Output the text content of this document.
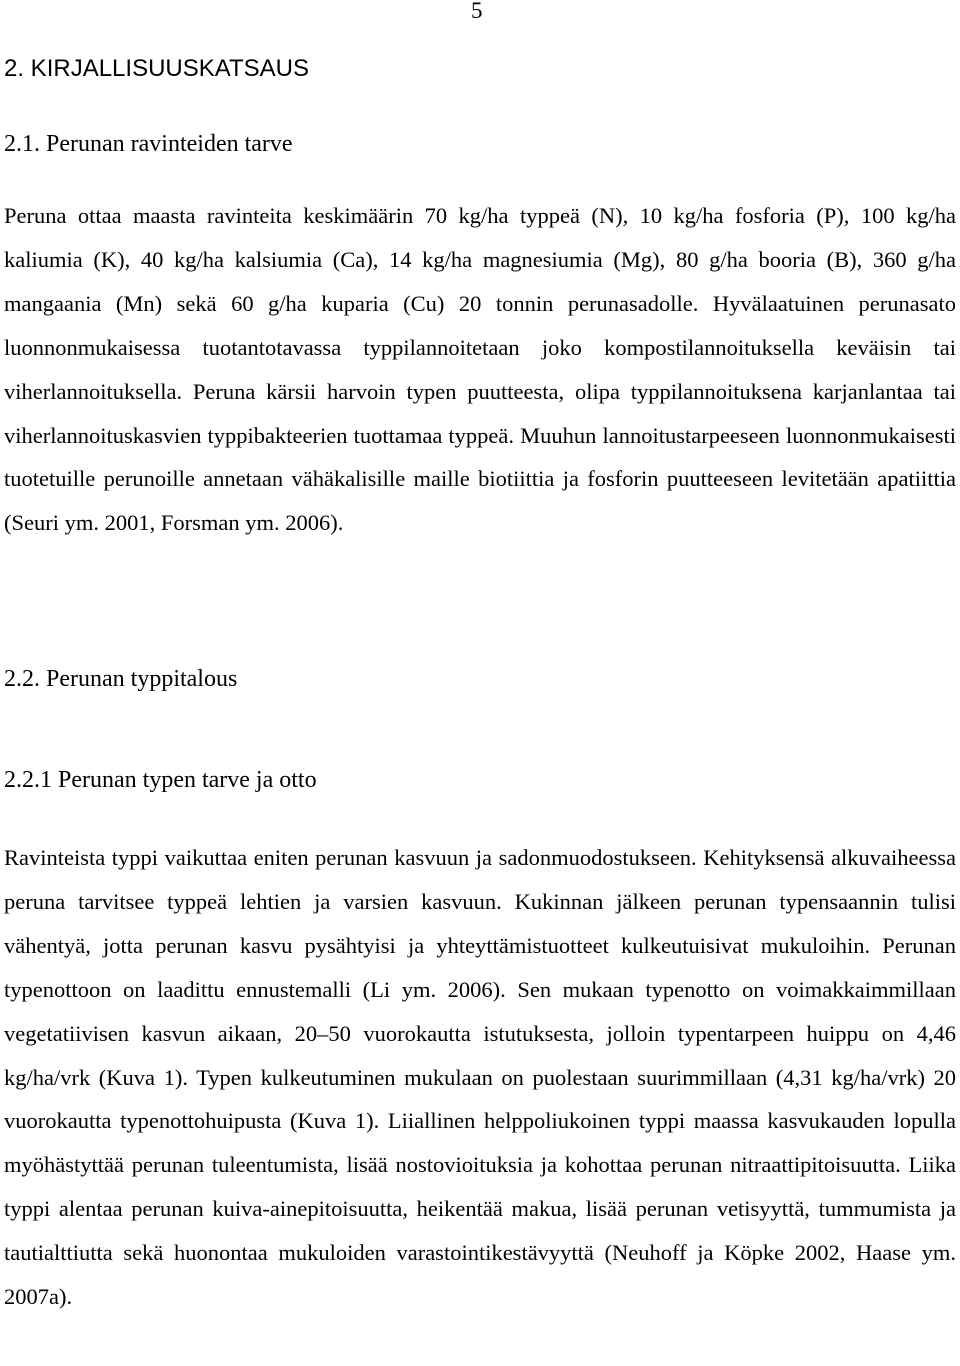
5
2. KIRJALLISUUSKATSAUS
2.1. Perunan ravinteiden tarve

Peruna ottaa maasta ravinteita keskimäärin 70 kg/ha typpeä (N), 10 kg/ha fosforia (P), 100 kg/ha kaliumia (K), 40 kg/ha kalsiumia (Ca), 14 kg/ha magnesiumia (Mg), 80 g/ha booria (B), 360 g/ha mangaania (Mn) sekä 60 g/ha kuparia (Cu) 20 tonnin perunasadolle. Hyvälaatuinen perunasato luonnonmukaisessa tuotantotavassa typpilannoitetaan joko kompostilannoituksella keväisin tai viherlannoituksella. Peruna kärsii harvoin typen puutteesta, olipa typpilannoituksena karjanlantaa tai viherlannoituskasvien typpibakteerien tuottamaa typpeä. Muuhun lannoitustarpeeseen luonnonmukaisesti tuotetuille perunoille annetaan vähäkalisille maille biotiittia ja fosforin puutteeseen levitetään apatiittia (Seuri ym. 2001, Forsman ym. 2006).

2.2. Perunan typpitalous
2.2.1 Perunan typen tarve ja otto

Ravinteista typpi vaikuttaa eniten perunan kasvuun ja sadonmuodostukseen. Kehityksensä alkuvaiheessa peruna tarvitsee typpeä lehtien ja varsien kasvuun. Kukinnan jälkeen perunan typensaannin tulisi vähentyä, jotta perunan kasvu pysähtyisi ja yhteyttämistuotteet kulkeutuisivat mukuloihin. Perunan typenottoon on laadittu ennustemalli (Li ym. 2006). Sen mukaan typenotto on voimakkaimmillaan vegetatiivisen kasvun aikaan, 20–50 vuorokautta istutuksesta, jolloin typentarpeen huippu on 4,46 kg/ha/vrk (Kuva 1). Typen kulkeutuminen mukulaan on puolestaan suurimmillaan (4,31 kg/ha/vrk) 20 vuorokautta typenottohuipusta (Kuva 1). Liiallinen helppoliukoinen typpi maassa kasvukauden lopulla myöhästyttää perunan tuleentumista, lisää nostovioituksia ja kohottaa perunan nitraattipitoisuutta. Liika typpi alentaa perunan kuiva-ainepitoisuutta, heikentää makua, lisää perunan vetisyyttä, tummumista ja tautialttiutta sekä huonontaa mukuloiden varastointikestävyyttä (Neuhoff ja Köpke 2002, Haase ym. 2007a).
